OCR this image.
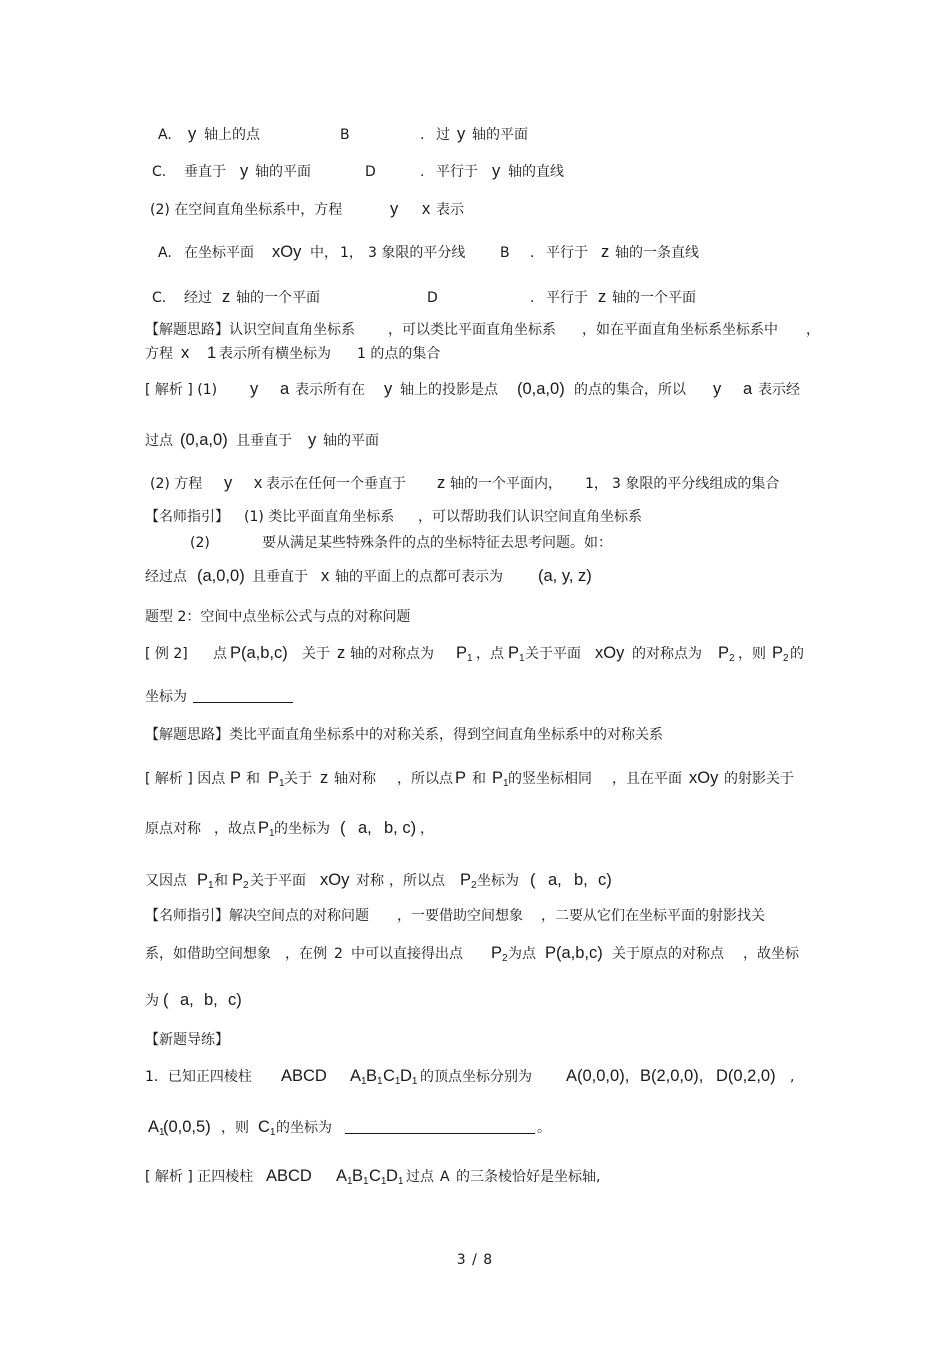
A. y 轴上的点	B	. 过 y 轴的平面
C. 垂直于 y 轴的平面	D	. 平行于 y 轴的直线
(2) 在空间直角坐标系中，方程	y x 表示
A. 在坐标平面 xOy 中， 1， 3 象限的平分线 B . 平行于 z 轴的一条直线
C. 经过 z 轴的一个平面	D	. 平行于 z 轴的一个平面
【解题思路】认识空间直角坐标系 ，可以类比平面直角坐标系 ，如在平面直角坐标系坐标系中 ，
方程 x 1 表示所有横坐标为 1 的点的集合
[ 解析 ] (1) y a 表示所有在 y 轴上的投影是点 (0,a,0) 的点的集合，所以 y a 表示经
过点 (0,a,0) 且垂直于 y 轴的平面
(2) 方程 y x 表示在任何一个垂直于 z 轴的一个平面内， 1， 3 象限的平分线组成的集合
【名师指引】 (1) 类比平面直角坐标系 ，可以帮助我们认识空间直角坐标系
(2)	要从满足某些特殊条件的点的坐标特征去思考问题。如：
经过点 (a,0,0) 且垂直于 x 轴的平面上的点都可表示为 (a, y, z)
题型 2：空间中点坐标公式与点的对称问题
[ 例 2] 点 P(a,b,c) 关于 z 轴的对称点为 $P_1$ ，点 $P_1$ 关于平面 xOy 的对称点为 $P_2$ ，则 $P_2$ 的
坐标为
【解题思路】类比平面直角坐标系中的对称关系，得到空间直角坐标系中的对称关系
[ 解析 ] 因点 P 和 $P_1$ 关于 z 轴对称 ，所以点 P 和 $P_1$ 的竖坐标相同 ，且在平面 xOy 的射影关于
原点对称 ，故点 $P_1$ 的坐标为 ( a, b, c) ，
又因点 $P_1$ 和 $P_2$ 关于平面 xOy 对称 ，所以点 $P_2$ 坐标为 ( a, b, c)
【名师指引】解决空间点的对称问题 ，一要借助空间想象 ，二要从它们在坐标平面的射影找关
系，如借助空间想象 ，在例 2 中可以直接得出点 $P_2$ 为点 P(a,b,c) 关于原点的对称点 ，故坐标
为 ( a, b, c)
【新题导练】
1．已知正四棱柱 ABCD $A_1$ $B_1$ $C_1$ $D_1$ 的顶点坐标分别为 A(0,0,0), B(2,0,0), D(0,2,0) ,
$A_1$
(0,0,5) ，则 $C_1$ 的坐标为	。
[ 解析 ] 正四棱柱 ABCD $A_1$ $B_1$ $C_1$ $D_1$ 过点 A 的三条棱恰好是坐标轴,
3 / 8
